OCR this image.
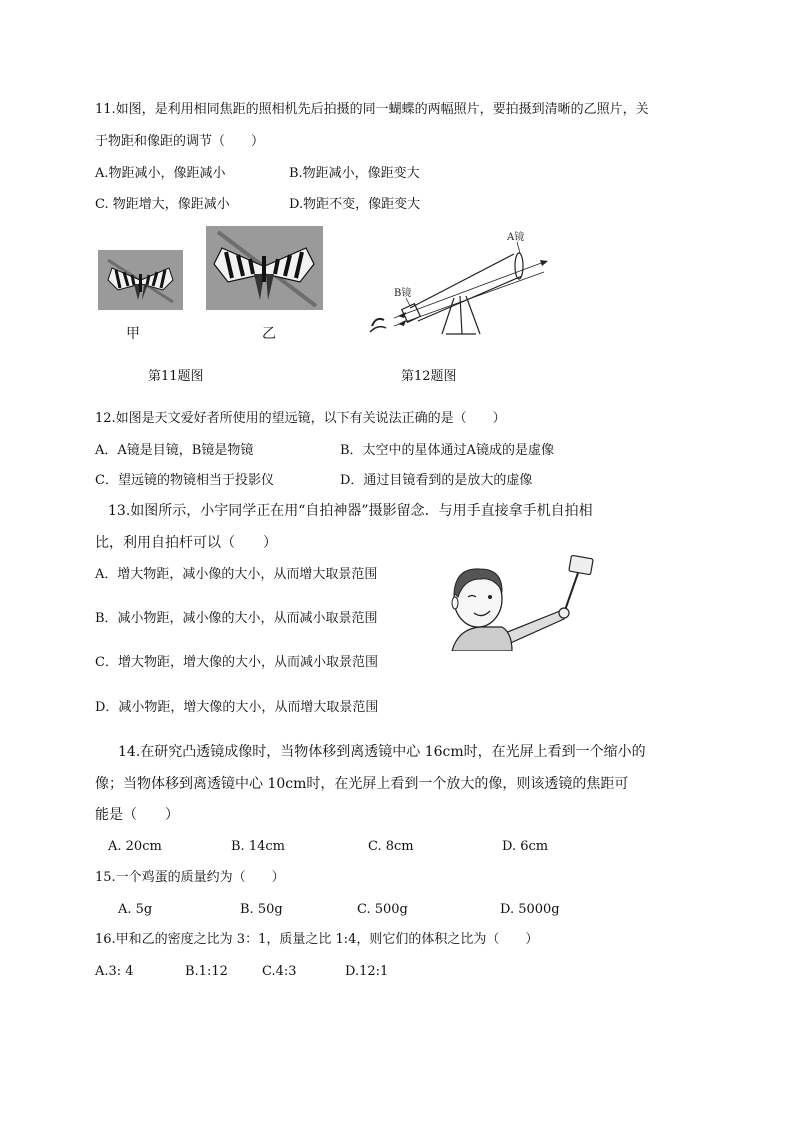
11.如图，是利用相同焦距的照相机先后拍摄的同一蝴蝶的两幅照片，要拍摄到清晰的乙照片，关
于物距和像距的调节（　　）
A.物距减小，像距减小	B.物距减小，像距变大
C. 物距增大，像距减小	D.物距不变，像距变大
甲	乙
A镜
B镜
第11题图	第12题图
12.如图是天文爱好者所使用的望远镜，以下有关说法正确的是（　　）
A．A镜是目镜，B镜是物镜	B．太空中的星体通过A镜成的是虚像
C．望远镜的物镜相当于投影仪	D．通过目镜看到的是放大的虚像
13.如图所示，小宇同学正在用“自拍神器”摄影留念．与用手直接拿手机自拍相
比，利用自拍杆可以（　　）
A．增大物距，减小像的大小，从而增大取景范围
B．减小物距，减小像的大小，从而减小取景范围
C．增大物距，增大像的大小，从而减小取景范围
D．减小物距，增大像的大小，从而增大取景范围
14.在研究凸透镜成像时，当物体移到离透镜中心 16cm时，在光屏上看到一个缩小的
像；当物体移到离透镜中心 10cm时，在光屏上看到一个放大的像，则该透镜的焦距可
能是（　　）
A. 20cm	B. 14cm	C. 8cm	D. 6cm
15.一个鸡蛋的质量约为（　　）
A. 5g	B. 50g	C. 500g	D. 5000g
16.甲和乙的密度之比为 3：1，质量之比 1:4，则它们的体积之比为（　　）
A.3: 4	B.1:12	C.4:3	D.12:1
